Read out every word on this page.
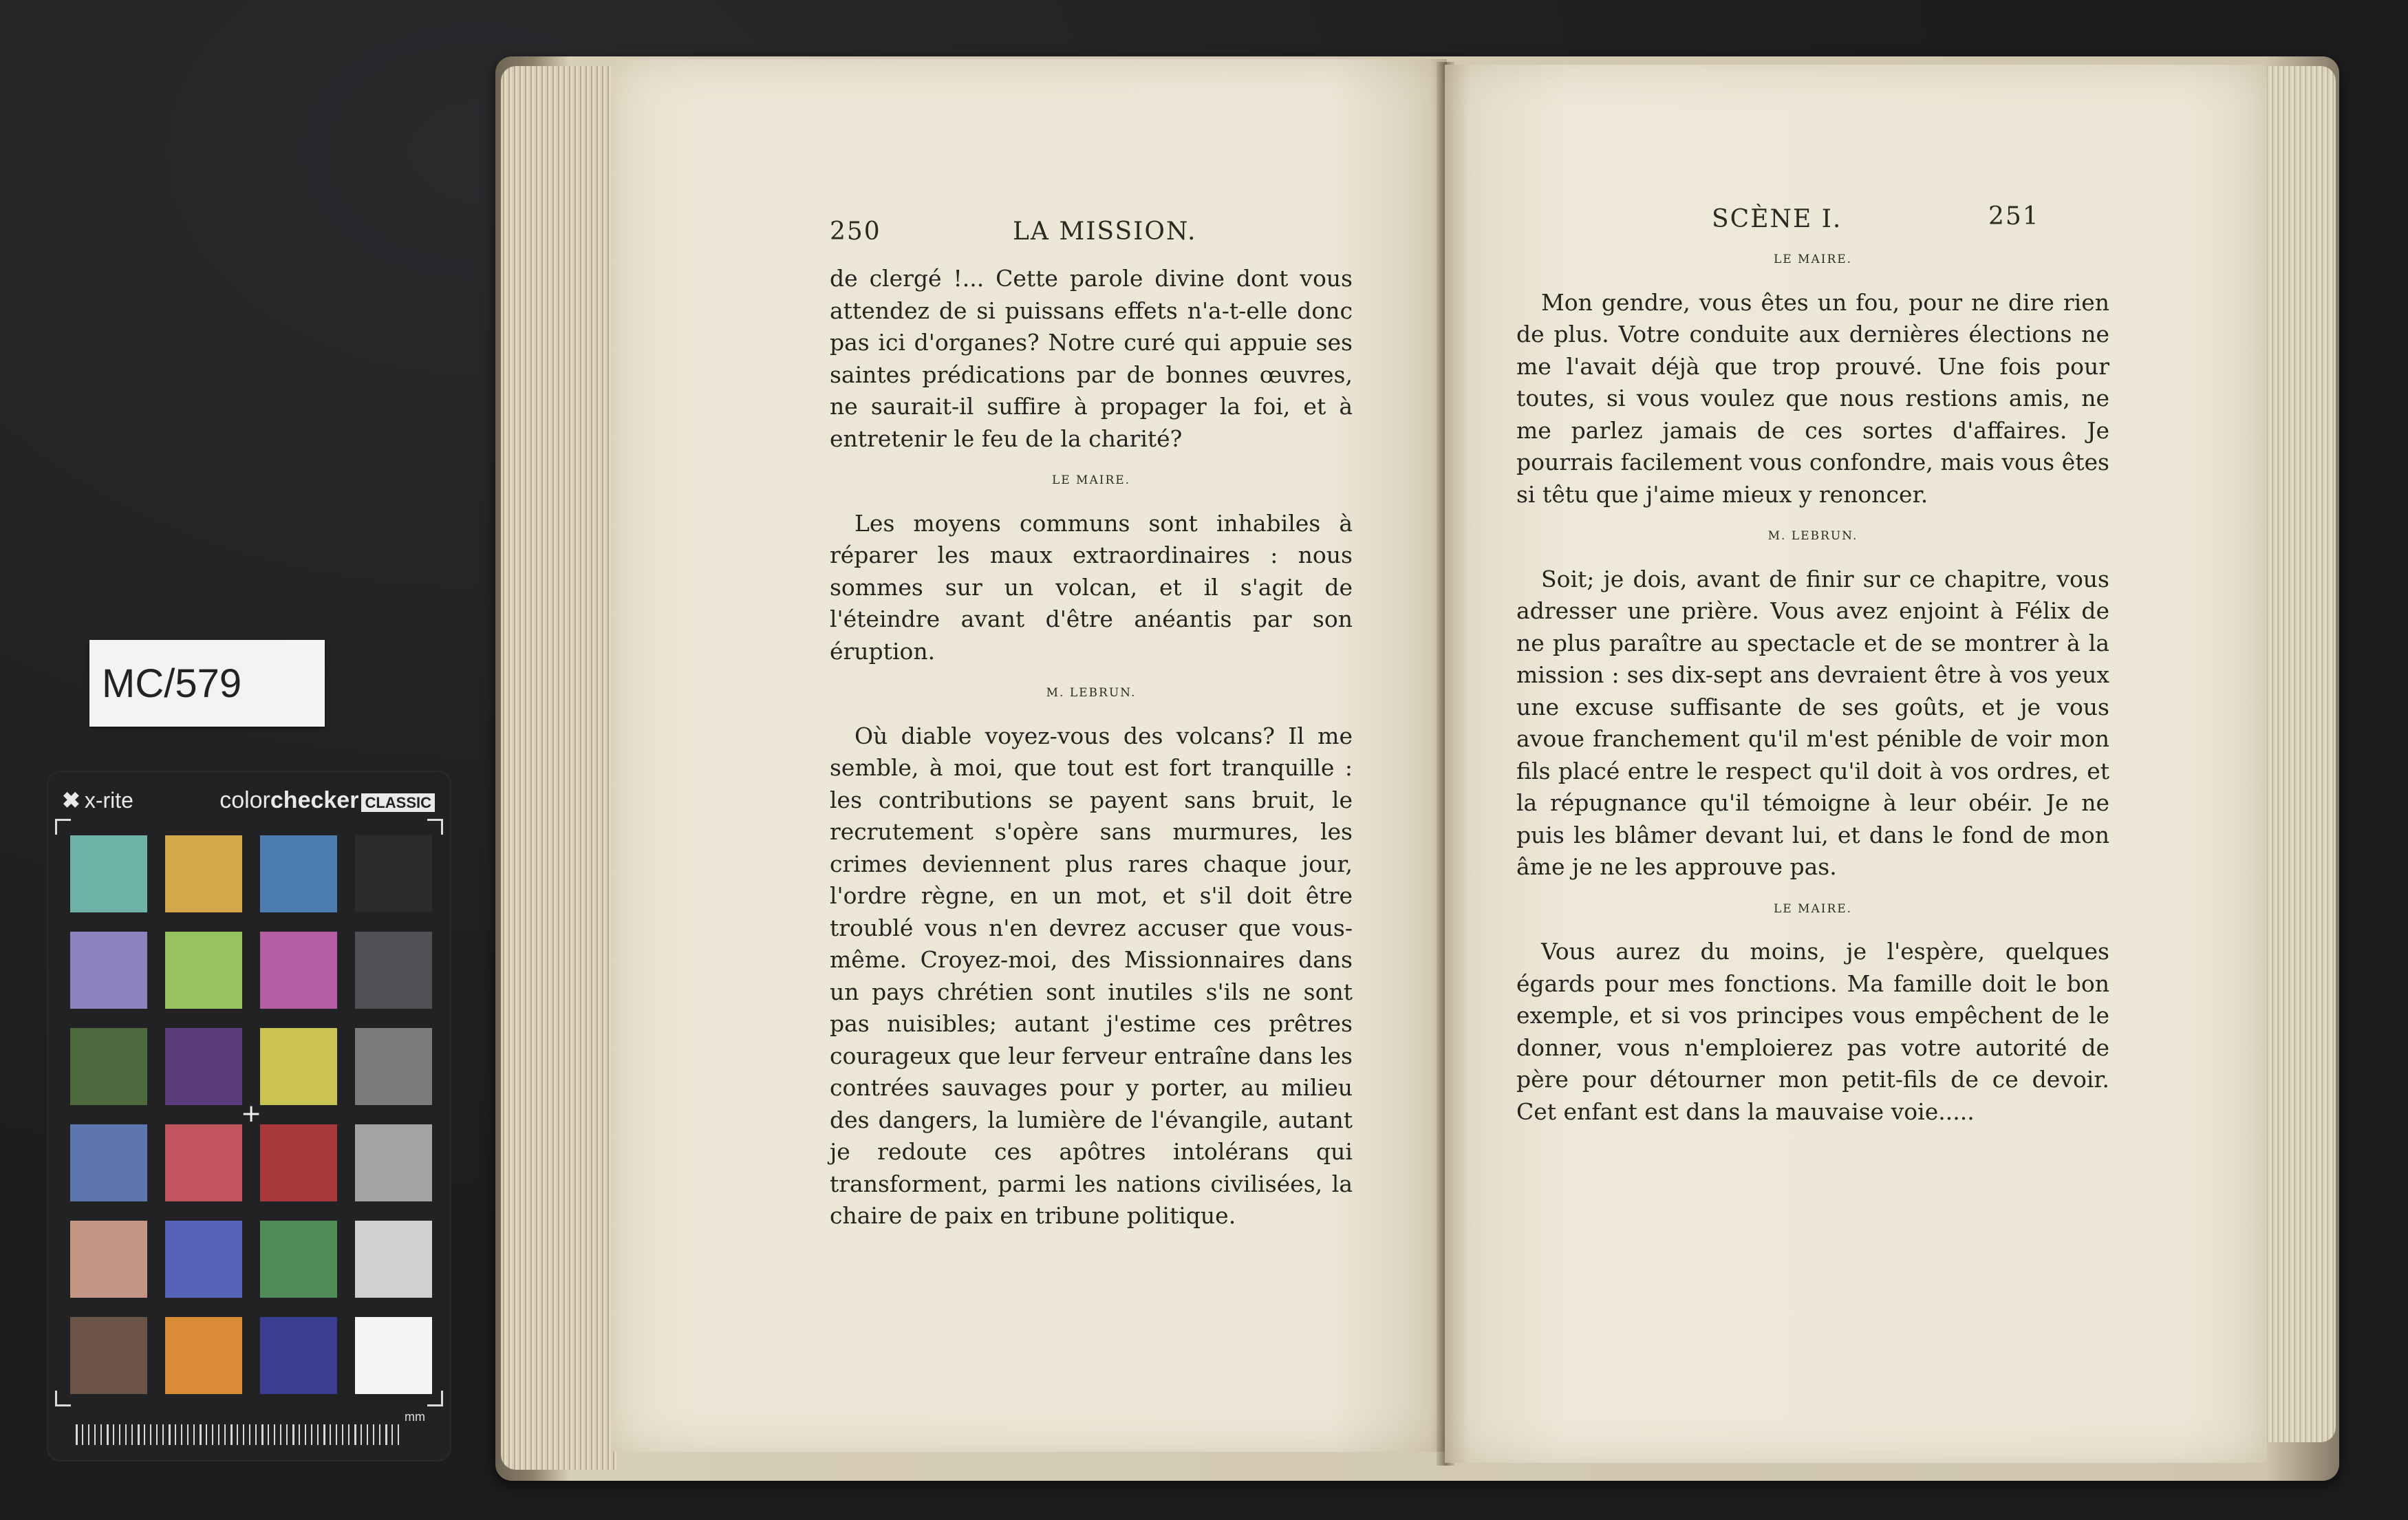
MC/579
✖ x-rite	colorchecker CLASSIC
+
mm
250	LA MISSION.

de clergé !... Cette parole divine dont vous attendez de si puissans effets n'a-t-elle donc pas ici d'organes? Notre curé qui appuie ses saintes prédications par de bonnes œuvres, ne saurait-il suffire à propager la foi, et à entretenir le feu de la charité?

LE MAIRE.

Les moyens communs sont inhabiles à réparer les maux extraordinaires : nous sommes sur un volcan, et il s'agit de l'éteindre avant d'être anéantis par son éruption.

M. LEBRUN.

Où diable voyez-vous des volcans? Il me semble, à moi, que tout est fort tranquille : les contributions se payent sans bruit, le recrutement s'opère sans murmures, les crimes deviennent plus rares chaque jour, l'ordre règne, en un mot, et s'il doit être troublé vous n'en devrez accuser que vous-même. Croyez-moi, des Missionnaires dans un pays chrétien sont inutiles s'ils ne sont pas nuisibles; autant j'estime ces prêtres courageux que leur ferveur entraîne dans les contrées sauvages pour y porter, au milieu des dangers, la lumière de l'évangile, autant je redoute ces apôtres intolérans qui transforment, parmi les nations civilisées, la chaire de paix en tribune politique.

SCÈNE I.	251
LE MAIRE.

Mon gendre, vous êtes un fou, pour ne dire rien de plus. Votre conduite aux dernières élections ne me l'avait déjà que trop prouvé. Une fois pour toutes, si vous voulez que nous restions amis, ne me parlez jamais de ces sortes d'affaires. Je pourrais facilement vous confondre, mais vous êtes si têtu que j'aime mieux y renoncer.

M. LEBRUN.

Soit; je dois, avant de finir sur ce chapitre, vous adresser une prière. Vous avez enjoint à Félix de ne plus paraître au spectacle et de se montrer à la mission : ses dix-sept ans devraient être à vos yeux une excuse suffisante de ses goûts, et je vous avoue franchement qu'il m'est pénible de voir mon fils placé entre le respect qu'il doit à vos ordres, et la répugnance qu'il témoigne à leur obéir. Je ne puis les blâmer devant lui, et dans le fond de mon âme je ne les approuve pas.

LE MAIRE.

Vous aurez du moins, je l'espère, quelques égards pour mes fonctions. Ma famille doit le bon exemple, et si vos principes vous empêchent de le donner, vous n'emploierez pas votre autorité de père pour détourner mon petit-fils de ce devoir. Cet enfant est dans la mauvaise voie.....
